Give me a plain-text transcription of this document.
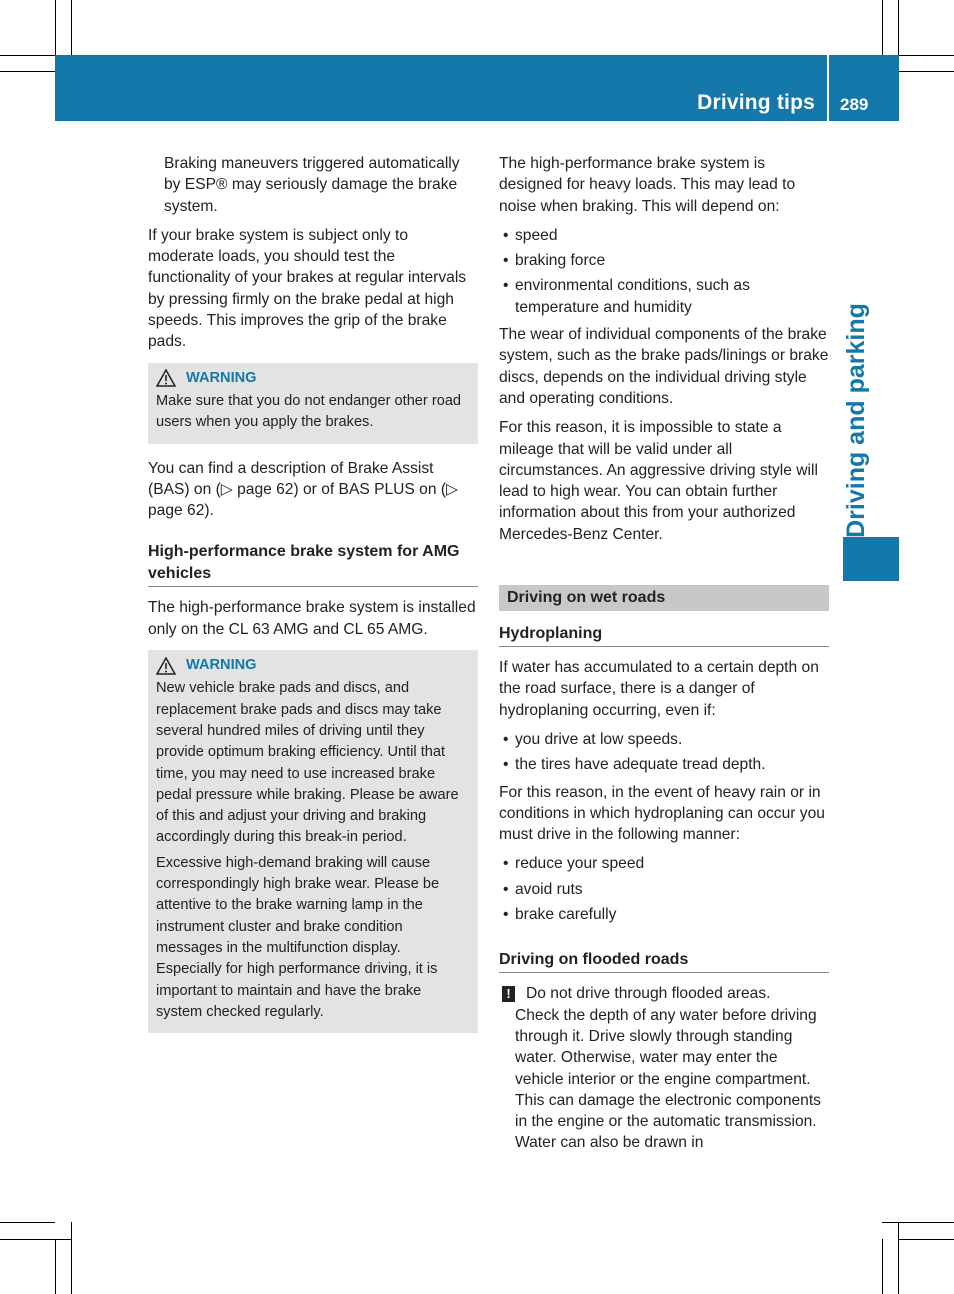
Driving tips 289
Driving and parking

Braking maneuvers triggered automatically by ESP® may seriously damage the brake system.

If your brake system is subject only to moderate loads, you should test the functionality of your brakes at regular intervals by pressing firmly on the brake pedal at high speeds. This improves the grip of the brake pads.

WARNING

Make sure that you do not endanger other road users when you apply the brakes.

You can find a description of Brake Assist (BAS) on (▷ page 62) or of BAS PLUS on (▷ page 62).

High-performance brake system for AMG vehicles

The high-performance brake system is installed only on the CL 63 AMG and CL 65 AMG.

WARNING

New vehicle brake pads and discs, and replacement brake pads and discs may take several hundred miles of driving until they provide optimum braking efficiency. Until that time, you may need to use increased brake pedal pressure while braking. Please be aware of this and adjust your driving and braking accordingly during this break-in period.

Excessive high-demand braking will cause correspondingly high brake wear. Please be attentive to the brake warning lamp in the instrument cluster and brake condition messages in the multifunction display. Especially for high performance driving, it is important to maintain and have the brake system checked regularly.

The high-performance brake system is designed for heavy loads. This may lead to noise when braking. This will depend on:

• speed
• braking force
• environmental conditions, such as temperature and humidity

The wear of individual components of the brake system, such as the brake pads/linings or brake discs, depends on the individual driving style and operating conditions.

For this reason, it is impossible to state a mileage that will be valid under all circumstances. An aggressive driving style will lead to high wear. You can obtain further information about this from your authorized Mercedes-Benz Center.

Driving on wet roads
Hydroplaning

If water has accumulated to a certain depth on the road surface, there is a danger of hydroplaning occurring, even if:

• you drive at low speeds.
• the tires have adequate tread depth.

For this reason, in the event of heavy rain or in conditions in which hydroplaning can occur you must drive in the following manner:

• reduce your speed
• avoid ruts
• brake carefully
Driving on flooded roads
! Do not drive through flooded areas.
Check the depth of any water before driving through it. Drive slowly through standing water. Otherwise, water may enter the vehicle interior or the engine compartment. This can damage the electronic components in the engine or the automatic transmission. Water can also be drawn in
